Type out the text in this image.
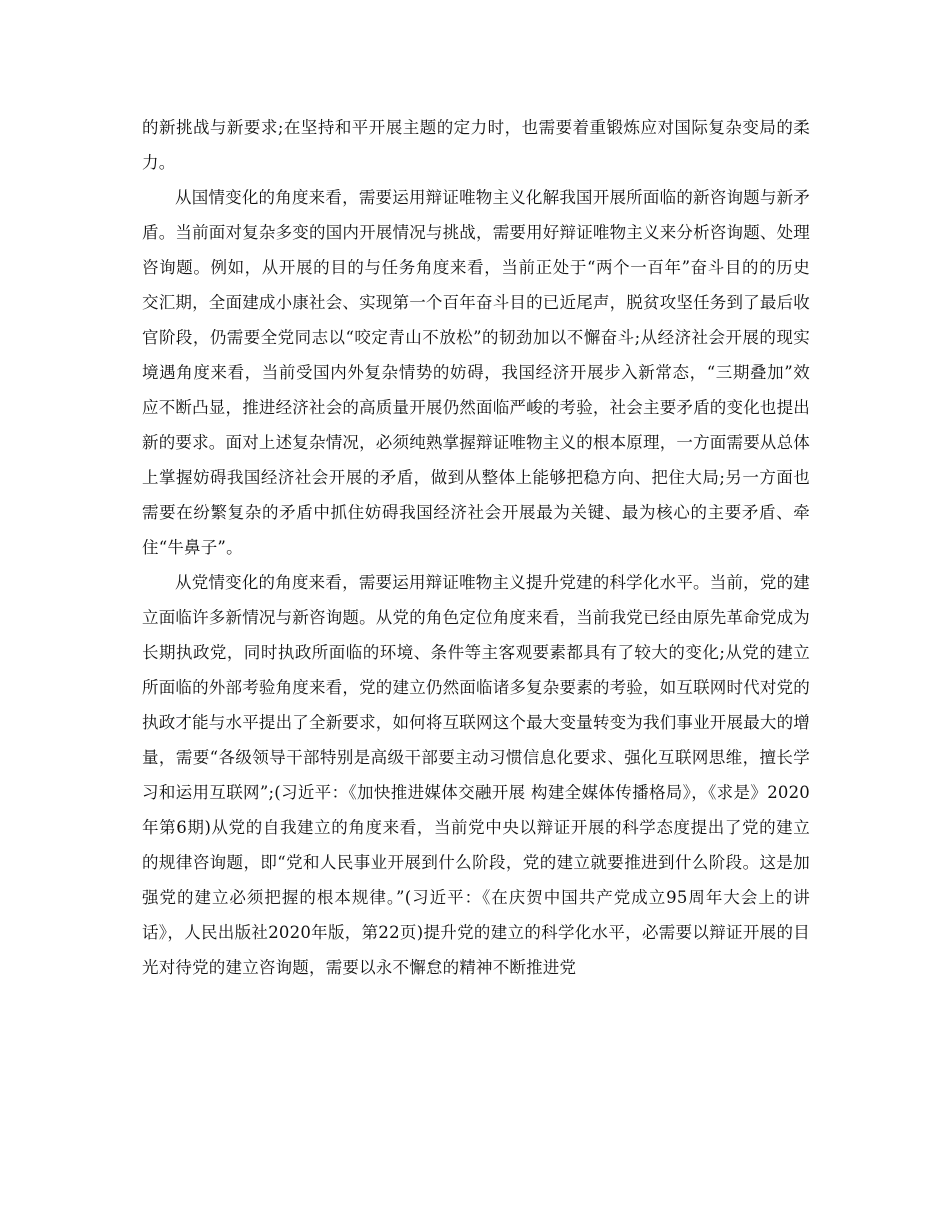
的新挑战与新要求;在坚持和平开展主题的定力时，也需要着重锻炼应对国际复杂变局的柔力。

从国情变化的角度来看，需要运用辩证唯物主义化解我国开展所面临的新咨询题与新矛盾。当前面对复杂多变的国内开展情况与挑战，需要用好辩证唯物主义来分析咨询题、处理咨询题。例如，从开展的目的与任务角度来看，当前正处于“两个一百年”奋斗目的的历史交汇期，全面建成小康社会、实现第一个百年奋斗目的已近尾声，脱贫攻坚任务到了最后收官阶段，仍需要全党同志以“咬定青山不放松”的韧劲加以不懈奋斗;从经济社会开展的现实境遇角度来看，当前受国内外复杂情势的妨碍，我国经济开展步入新常态，“三期叠加”效应不断凸显，推进经济社会的高质量开展仍然面临严峻的考验，社会主要矛盾的变化也提出新的要求。面对上述复杂情况，必须纯熟掌握辩证唯物主义的根本原理，一方面需要从总体上掌握妨碍我国经济社会开展的矛盾，做到从整体上能够把稳方向、把住大局;另一方面也需要在纷繁复杂的矛盾中抓住妨碍我国经济社会开展最为关键、最为核心的主要矛盾、牵住“牛鼻子”。

从党情变化的角度来看，需要运用辩证唯物主义提升党建的科学化水平。当前，党的建立面临许多新情况与新咨询题。从党的角色定位角度来看，当前我党已经由原先革命党成为长期执政党，同时执政所面临的环境、条件等主客观要素都具有了较大的变化;从党的建立所面临的外部考验角度来看，党的建立仍然面临诸多复杂要素的考验，如互联网时代对党的执政才能与水平提出了全新要求，如何将互联网这个最大变量转变为我们事业开展最大的增量，需要“各级领导干部特别是高级干部要主动习惯信息化要求、强化互联网思维，擅长学习和运用互联网”;(习近平：《加快推进媒体交融开展 构建全媒体传播格局》，《求是》2020年第6期)从党的自我建立的角度来看，当前党中央以辩证开展的科学态度提出了党的建立的规律咨询题，即“党和人民事业开展到什么阶段，党的建立就要推进到什么阶段。这是加强党的建立必须把握的根本规律。”(习近平：《在庆贺中国共产党成立95周年大会上的讲话》，人民出版社2020年版，第22页)提升党的建立的科学化水平，必需要以辩证开展的目光对待党的建立咨询题，需要以永不懈怠的精神不断推进党
